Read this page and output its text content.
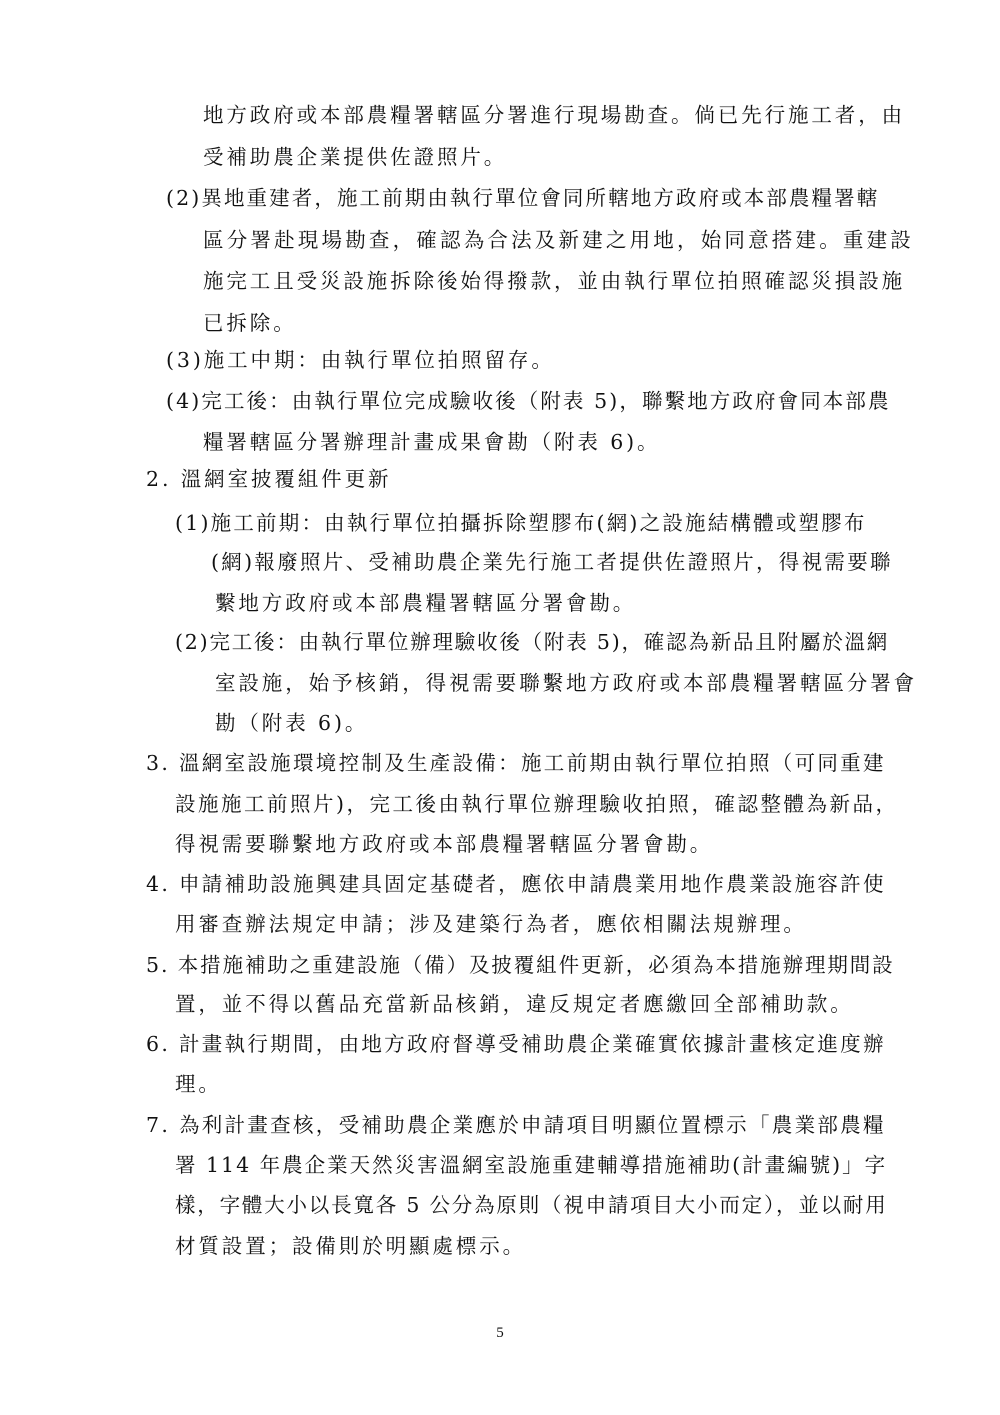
地方政府或本部農糧署轄區分署進行現場勘查。倘已先行施工者，由
受補助農企業提供佐證照片。
(2)異地重建者，施工前期由執行單位會同所轄地方政府或本部農糧署轄
區分署赴現場勘查，確認為合法及新建之用地，始同意搭建。重建設
施完工且受災設施拆除後始得撥款，並由執行單位拍照確認災損設施
已拆除。
(3)施工中期：由執行單位拍照留存。
(4)完工後：由執行單位完成驗收後（附表 5)，聯繫地方政府會同本部農
糧署轄區分署辦理計畫成果會勘（附表 6)。
2. 溫網室披覆組件更新
(1)施工前期：由執行單位拍攝拆除塑膠布(網)之設施結構體或塑膠布
(網)報廢照片、受補助農企業先行施工者提供佐證照片，得視需要聯
繫地方政府或本部農糧署轄區分署會勘。
(2)完工後：由執行單位辦理驗收後（附表 5)，確認為新品且附屬於溫網
室設施，始予核銷，得視需要聯繫地方政府或本部農糧署轄區分署會
勘（附表 6)。
3. 溫網室設施環境控制及生產設備：施工前期由執行單位拍照（可同重建
設施施工前照片)，完工後由執行單位辦理驗收拍照，確認整體為新品，
得視需要聯繫地方政府或本部農糧署轄區分署會勘。
4. 申請補助設施興建具固定基礎者，應依申請農業用地作農業設施容許使
用審查辦法規定申請；涉及建築行為者，應依相關法規辦理。
5. 本措施補助之重建設施（備）及披覆組件更新，必須為本措施辦理期間設
置，並不得以舊品充當新品核銷，違反規定者應繳回全部補助款。
6. 計畫執行期間，由地方政府督導受補助農企業確實依據計畫核定進度辦
理。
7. 為利計畫查核，受補助農企業應於申請項目明顯位置標示「農業部農糧
署 114 年農企業天然災害溫網室設施重建輔導措施補助(計畫編號)」字
樣，字體大小以長寬各 5 公分為原則（視申請項目大小而定），並以耐用
材質設置；設備則於明顯處標示。
5
